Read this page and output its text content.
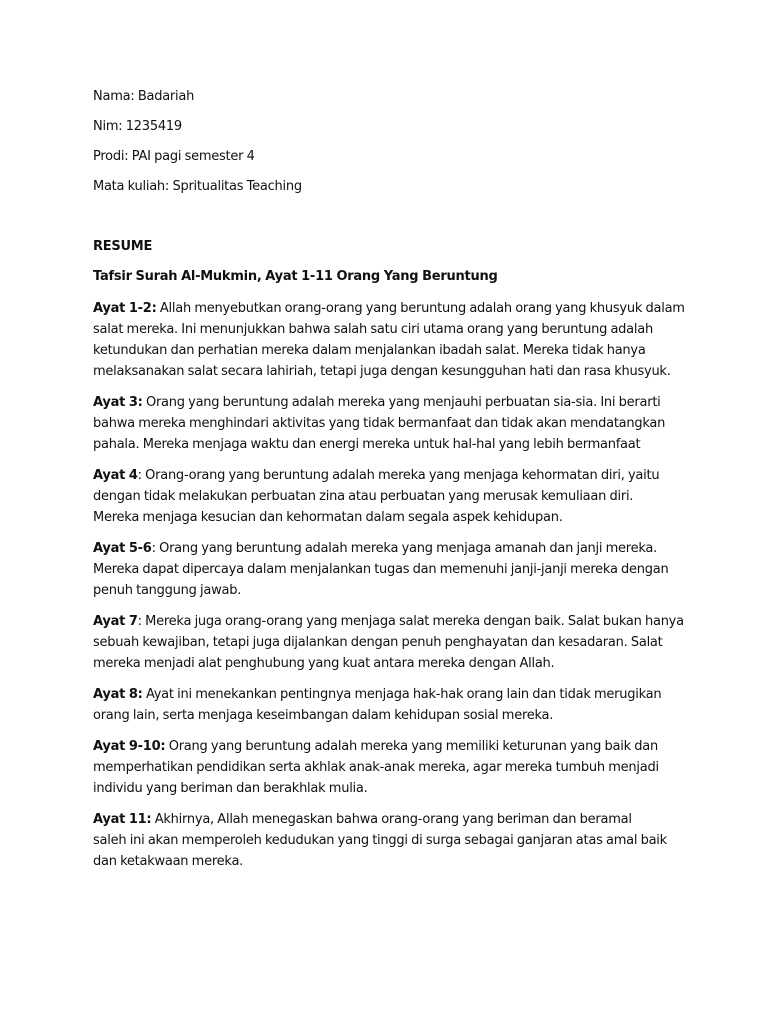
Nama: Badariah
Nim: 1235419
Prodi: PAI pagi semester 4
Mata kuliah: Spritualitas Teaching
RESUME
Tafsir Surah Al-Mukmin, Ayat 1-11 Orang Yang Beruntung
Ayat 1-2: Allah menyebutkan orang-orang yang beruntung adalah orang yang khusyuk dalam
salat mereka. Ini menunjukkan bahwa salah satu ciri utama orang yang beruntung adalah
ketundukan dan perhatian mereka dalam menjalankan ibadah salat. Mereka tidak hanya
melaksanakan salat secara lahiriah, tetapi juga dengan kesungguhan hati dan rasa khusyuk.
Ayat 3: Orang yang beruntung adalah mereka yang menjauhi perbuatan sia-sia. Ini berarti
bahwa mereka menghindari aktivitas yang tidak bermanfaat dan tidak akan mendatangkan
pahala. Mereka menjaga waktu dan energi mereka untuk hal-hal yang lebih bermanfaat
Ayat 4: Orang-orang yang beruntung adalah mereka yang menjaga kehormatan diri, yaitu
dengan tidak melakukan perbuatan zina atau perbuatan yang merusak kemuliaan diri.
Mereka menjaga kesucian dan kehormatan dalam segala aspek kehidupan.
Ayat 5-6: Orang yang beruntung adalah mereka yang menjaga amanah dan janji mereka.
Mereka dapat dipercaya dalam menjalankan tugas dan memenuhi janji-janji mereka dengan
penuh tanggung jawab.
Ayat 7: Mereka juga orang-orang yang menjaga salat mereka dengan baik. Salat bukan hanya
sebuah kewajiban, tetapi juga dijalankan dengan penuh penghayatan dan kesadaran. Salat
mereka menjadi alat penghubung yang kuat antara mereka dengan Allah.
Ayat 8: Ayat ini menekankan pentingnya menjaga hak-hak orang lain dan tidak merugikan
orang lain, serta menjaga keseimbangan dalam kehidupan sosial mereka.
Ayat 9-10: Orang yang beruntung adalah mereka yang memiliki keturunan yang baik dan
memperhatikan pendidikan serta akhlak anak-anak mereka, agar mereka tumbuh menjadi
individu yang beriman dan berakhlak mulia.
Ayat 11: Akhirnya, Allah menegaskan bahwa orang-orang yang beriman dan beramal
saleh ini akan memperoleh kedudukan yang tinggi di surga sebagai ganjaran atas amal baik
dan ketakwaan mereka.
